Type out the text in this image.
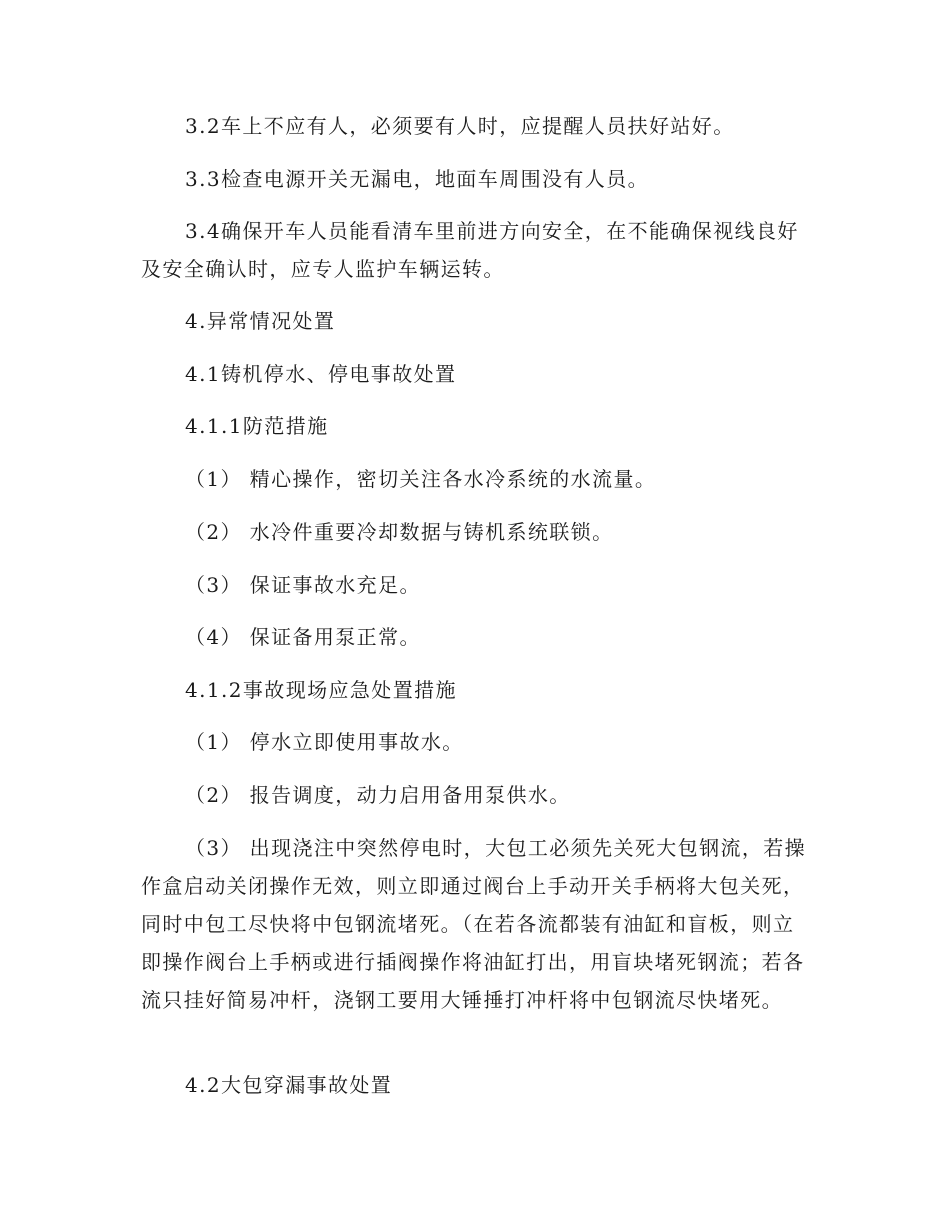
3.2车上不应有人，必须要有人时，应提醒人员扶好站好。

3.3检查电源开关无漏电，地面车周围没有人员。

3.4确保开车人员能看清车里前进方向安全，在不能确保视线良好及安全确认时，应专人监护车辆运转。

4.异常情况处置

4.1铸机停水、停电事故处置

4.1.1防范措施

（1） 精心操作，密切关注各水冷系统的水流量。

（2） 水冷件重要冷却数据与铸机系统联锁。

（3） 保证事故水充足。

（4） 保证备用泵正常。

4.1.2事故现场应急处置措施

（1） 停水立即使用事故水。

（2） 报告调度，动力启用备用泵供水。

（3） 出现浇注中突然停电时，大包工必须先关死大包钢流，若操作盒启动关闭操作无效，则立即通过阀台上手动开关手柄将大包关死，同时中包工尽快将中包钢流堵死。（在若各流都装有油缸和盲板，则立即操作阀台上手柄或进行插阀操作将油缸打出，用盲块堵死钢流；若各流只挂好简易冲杆，浇钢工要用大锤捶打冲杆将中包钢流尽快堵死。

4.2大包穿漏事故处置
